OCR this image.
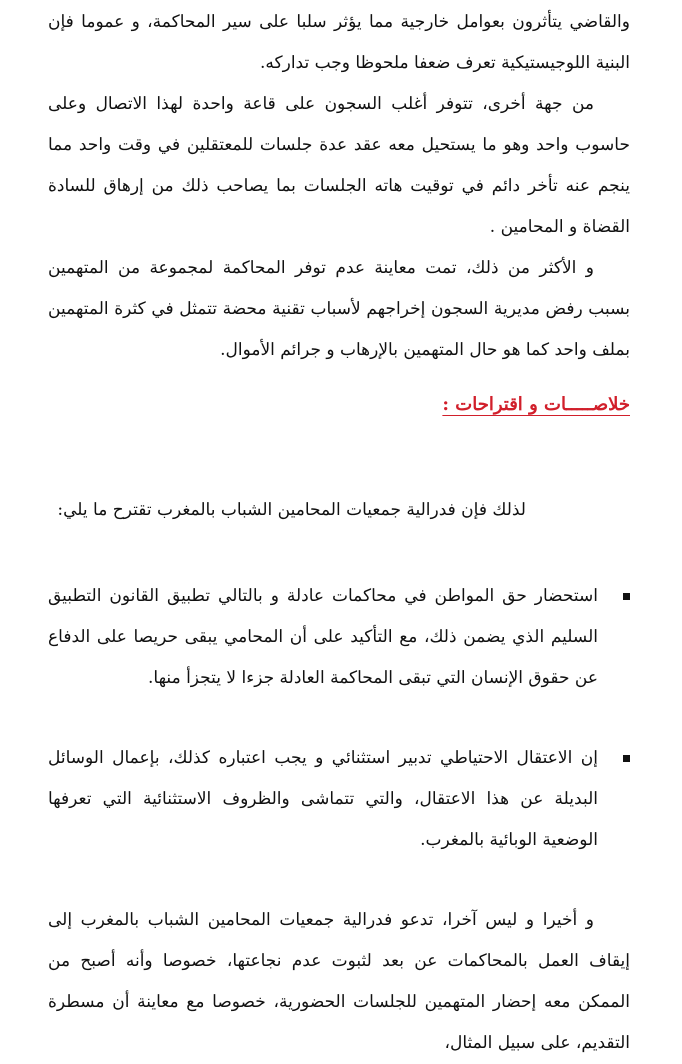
والقاضي يتأثرون بعوامل خارجية مما يؤثر سلبا على سير المحاكمة، و عموما فإن البنية اللوجيستيكية تعرف ضعفا ملحوظا وجب تداركه.

من جهة أخرى، تتوفر أغلب السجون على قاعة واحدة لهذا الاتصال وعلى حاسوب واحد وهو ما يستحيل معه عقد عدة جلسات للمعتقلين في وقت واحد مما ينجم عنه تأخر دائم في توقيت هاته الجلسات بما يصاحب ذلك من إرهاق للسادة القضاة و المحامين .

و الأكثر من ذلك، تمت معاينة عدم توفر المحاكمة لمجموعة من المتهمين بسبب رفض مديرية السجون إخراجهم لأسباب تقنية محضة تتمثل في كثرة المتهمين بملف واحد كما هو حال المتهمين بالإرهاب و جرائم الأموال.

خلاصـــــات و اقتراحات :

لذلك فإن فدرالية جمعيات المحامين الشباب بالمغرب تقترح ما يلي:

استحضار حق المواطن في محاكمات عادلة و بالتالي تطبيق القانون التطبيق السليم الذي يضمن ذلك، مع التأكيد على أن المحامي يبقى حريصا على الدفاع عن حقوق الإنسان التي تبقى المحاكمة العادلة جزءا لا يتجزأ منها.

إن الاعتقال الاحتياطي تدبير استثنائي و يجب اعتباره كذلك، بإعمال الوسائل البديلة عن هذا الاعتقال، والتي تتماشى والظروف الاستثنائية التي تعرفها الوضعية الوبائية بالمغرب.

و أخيرا و ليس آخرا، تدعو فدرالية جمعيات المحامين الشباب بالمغرب إلى إيقاف العمل بالمحاكمات عن بعد لثبوت عدم نجاعتها، خصوصا وأنه أصبح من الممكن معه إحضار المتهمين للجلسات الحضورية، خصوصا مع معاينة أن مسطرة التقديم، على سبيل المثال،
